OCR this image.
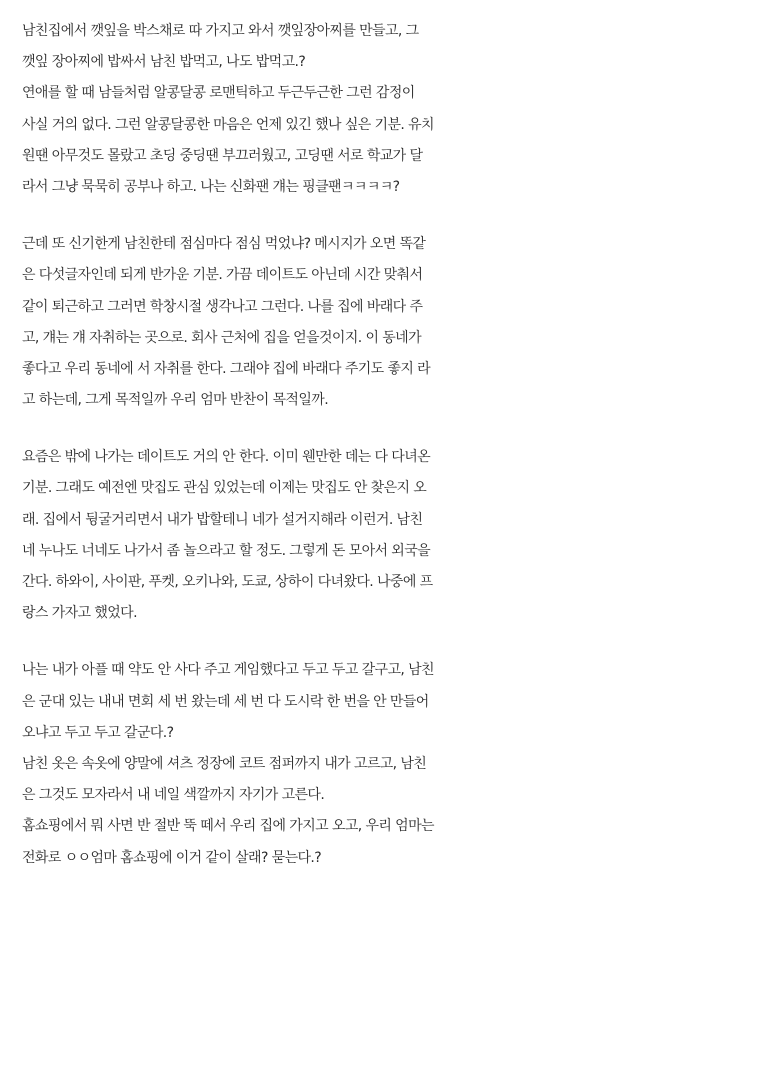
남친집에서 깻잎을 박스채로 따 가지고 와서 깻잎장아찌를 만들고, 그
깻잎 장아찌에 밥싸서 남친 밥먹고, 나도 밥먹고.?
연애를 할 때 남들처럼 알콩달콩 로맨틱하고 두근두근한 그런 감정이
사실 거의 없다. 그런 알콩달콩한 마음은 언제 있긴 했나 싶은 기분. 유치
원땐 아무것도 몰랐고 초딩 중딩땐 부끄러웠고, 고딩땐 서로 학교가 달
라서 그냥 묵묵히 공부나 하고. 나는 신화팬 걔는 핑클팬ㅋㅋㅋㅋ?
근데 또 신기한게 남친한테 점심마다 점심 먹었냐? 메시지가 오면 똑같
은 다섯글자인데 되게 반가운 기분. 가끔 데이트도 아닌데 시간 맞춰서
같이 퇴근하고 그러면 학창시절 생각나고 그런다. 나를 집에 바래다 주
고, 걔는 걔 자취하는 곳으로. 회사 근처에 집을 얻을것이지. 이 동네가
좋다고 우리 동네에 서 자취를 한다. 그래야 집에 바래다 주기도 좋지 라
고 하는데, 그게 목적일까 우리 엄마 반찬이 목적일까.
요즘은 밖에 나가는 데이트도 거의 안 한다. 이미 웬만한 데는 다 다녀온
기분. 그래도 예전엔 맛집도 관심 있었는데 이제는 맛집도 안 찾은지 오
래. 집에서 뒹굴거리면서 내가 밥할테니 네가 설거지해라 이런거. 남친
네 누나도 너네도 나가서 좀 놀으라고 할 정도. 그렇게 돈 모아서 외국을
간다. 하와이, 사이판, 푸켓, 오키나와, 도쿄, 상하이 다녀왔다. 나중에 프
랑스 가자고 했었다.
나는 내가 아플 때 약도 안 사다 주고 게임했다고 두고 두고 갈구고, 남친
은 군대 있는 내내 면회 세 번 왔는데 세 번 다 도시락 한 번을 안 만들어
오냐고 두고 두고 갈군다.?
남친 옷은 속옷에 양말에 셔츠 정장에 코트 점퍼까지 내가 고르고, 남친
은 그것도 모자라서 내 네일 색깔까지 자기가 고른다.
홈쇼핑에서 뭐 사면 반 절반 뚝 떼서 우리 집에 가지고 오고, 우리 엄마는
전화로 ㅇㅇ엄마 홈쇼핑에 이거 같이 살래? 묻는다.?
